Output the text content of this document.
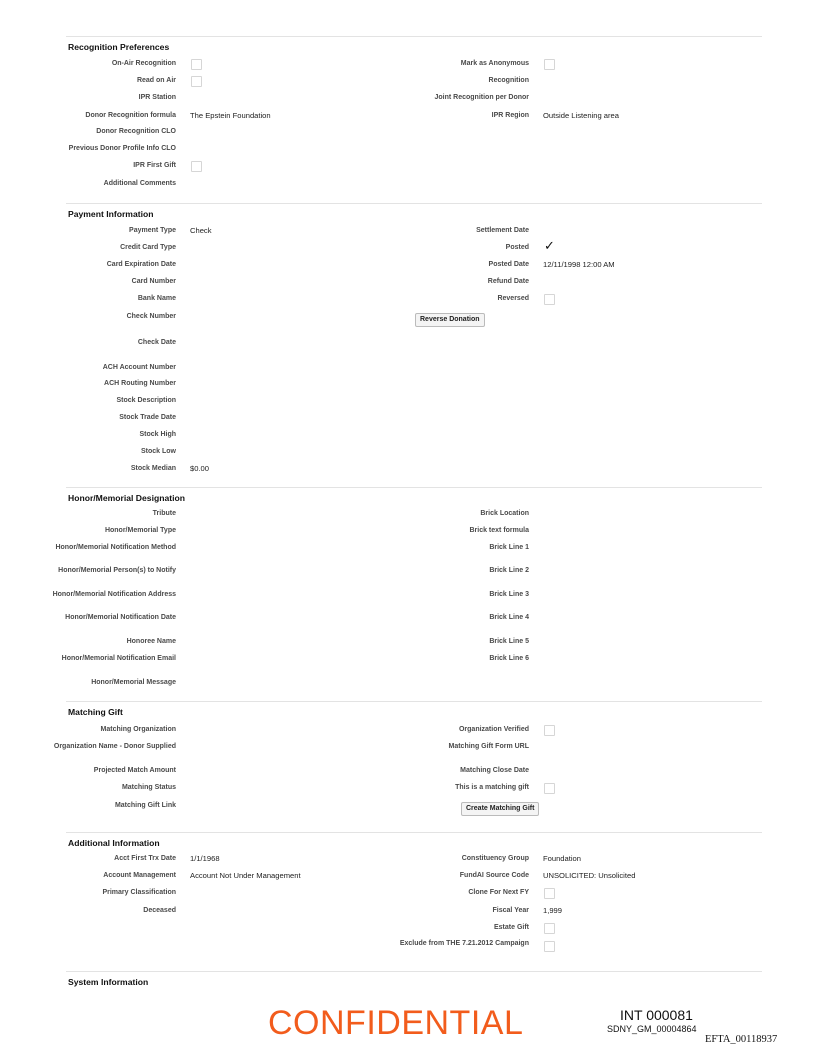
Recognition Preferences
On-Air Recognition	Mark as Anonymous
Read on Air	Recognition
IPR Station	Joint Recognition per Donor
Donor Recognition formula The Epstein Foundation	IPR Region Outside Listening area
Donor Recognition CLO
Previous Donor Profile Info CLO
IPR First Gift
Additional Comments
Payment Information
Payment Type Check	Settlement Date
Credit Card Type	Posted ✓
Card Expiration Date	Posted Date 12/11/1998 12:00 AM
Card Number	Refund Date
Bank Name	Reversed
Check Number	Reverse Donation
Check Date
ACH Account Number
ACH Routing Number
Stock Description
Stock Trade Date
Stock High
Stock Low
Stock Median $0.00
Honor/Memorial Designation
Tribute	Brick Location
Honor/Memorial Type	Brick text formula
Honor/Memorial Notification Method	Brick Line 1
Honor/Memorial Person(s) to Notify	Brick Line 2
Honor/Memorial Notification Address	Brick Line 3
Honor/Memorial Notification Date	Brick Line 4
Honoree Name	Brick Line 5
Honor/Memorial Notification Email	Brick Line 6
Honor/Memorial Message
Matching Gift
Matching Organization	Organization Verified
Organization Name - Donor Supplied	Matching Gift Form URL
Projected Match Amount	Matching Close Date
Matching Status	This is a matching gift
Matching Gift Link	Create Matching Gift
Additional Information
Acct First Trx Date 1/1/1968	Constituency Group Foundation
Account Management Account Not Under Management	FundAI Source Code UNSOLICITED: Unsolicited
Primary Classification	Clone For Next FY
Deceased	Fiscal Year 1,999
Estate Gift
Exclude from THE 7.21.2012 Campaign
System Information
CONFIDENTIAL	INT 000081
SDNY_GM_00004864
EFTA_00118937
